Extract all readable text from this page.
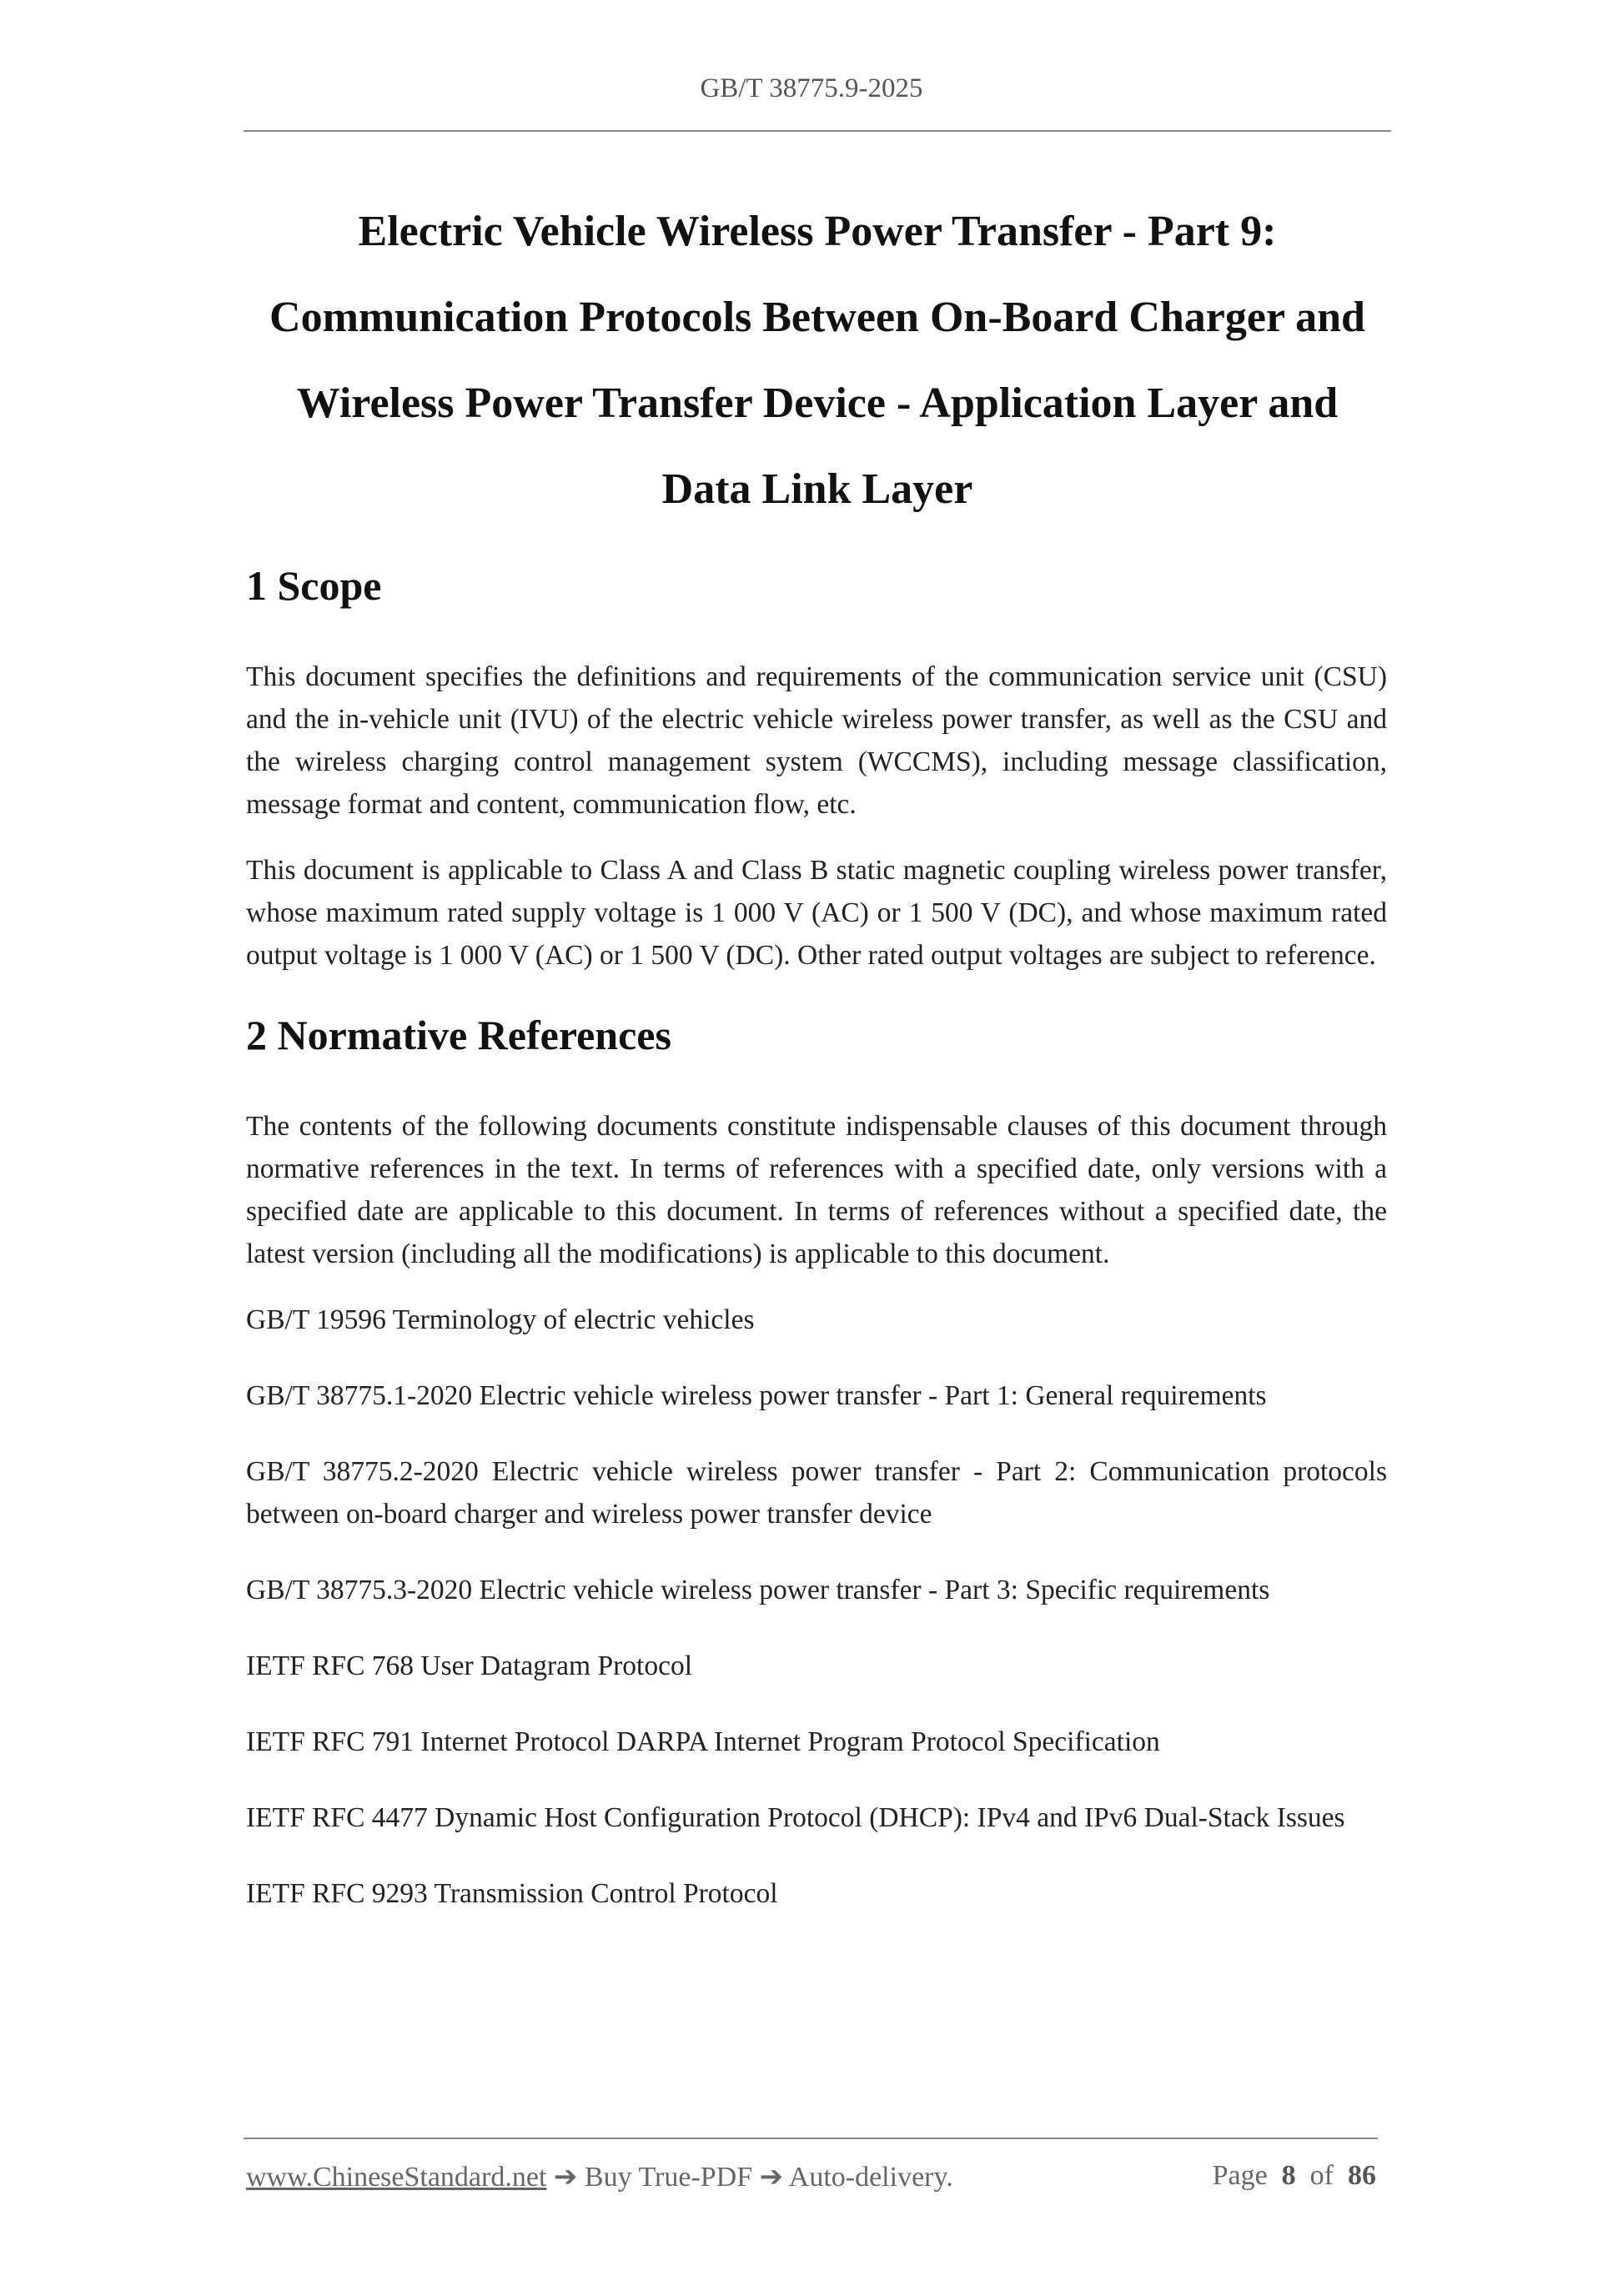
GB/T 38775.9-2025
Electric Vehicle Wireless Power Transfer - Part 9:
Communication Protocols Between On-Board Charger and
Wireless Power Transfer Device - Application Layer and
Data Link Layer
1 Scope

This document specifies the definitions and requirements of the communication service unit (CSU) and the in-vehicle unit (IVU) of the electric vehicle wireless power transfer, as well as the CSU and the wireless charging control management system (WCCMS), including message classification, message format and content, communication flow, etc.

This document is applicable to Class A and Class B static magnetic coupling wireless power transfer, whose maximum rated supply voltage is 1 000 V (AC) or 1 500 V (DC), and whose maximum rated output voltage is 1 000 V (AC) or 1 500 V (DC). Other rated output voltages are subject to reference.

2 Normative References

The contents of the following documents constitute indispensable clauses of this document through normative references in the text. In terms of references with a specified date, only versions with a specified date are applicable to this document. In terms of references without a specified date, the latest version (including all the modifications) is applicable to this document.

GB/T 19596 Terminology of electric vehicles

GB/T 38775.1-2020 Electric vehicle wireless power transfer - Part 1: General requirements

GB/T 38775.2-2020 Electric vehicle wireless power transfer - Part 2: Communication protocols between on-board charger and wireless power transfer device

GB/T 38775.3-2020 Electric vehicle wireless power transfer - Part 3: Specific requirements

IETF RFC 768 User Datagram Protocol

IETF RFC 791 Internet Protocol DARPA Internet Program Protocol Specification

IETF RFC 4477 Dynamic Host Configuration Protocol (DHCP): IPv4 and IPv6 Dual-Stack Issues

IETF RFC 9293 Transmission Control Protocol

www.ChineseStandard.net ➔ Buy True-PDF ➔ Auto-delivery.	Page 8 of 86
